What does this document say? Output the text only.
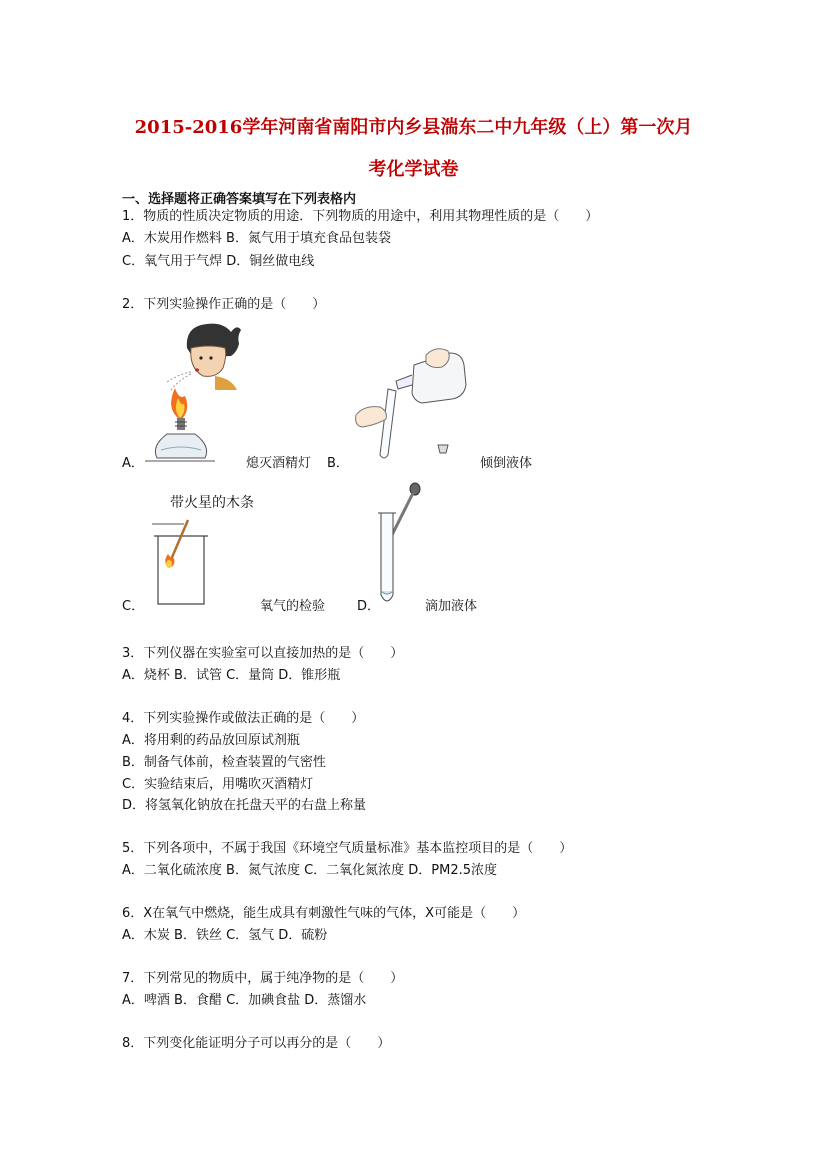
2015-2016学年河南省南阳市内乡县湍东二中九年级（上）第一次月
考化学试卷
一、选择题将正确答案填写在下列表格内
1．物质的性质决定物质的用途．下列物质的用途中，利用其物理性质的是（　　）
A．木炭用作燃料 B．氮气用于填充食品包装袋
C．氧气用于气焊 D．铜丝做电线
2．下列实验操作正确的是（　　）
A．	熄灭酒精灯 B．	倾倒液体
带火星的木条
C．	氧气的检验 D．	滴加液体
3．下列仪器在实验室可以直接加热的是（　　）
A．烧杯 B．试管 C．量筒 D．锥形瓶
4．下列实验操作或做法正确的是（　　）
A．将用剩的药品放回原试剂瓶
B．制备气体前，检查装置的气密性
C．实验结束后，用嘴吹灭酒精灯
D．将氢氧化钠放在托盘天平的右盘上称量
5．下列各项中，不属于我国《环境空气质量标准》基本监控项目的是（　　）
A．二氧化硫浓度 B．氮气浓度 C．二氧化氮浓度 D．PM2.5浓度
6．X在氧气中燃烧，能生成具有刺激性气味的气体，X可能是（　　）
A．木炭 B．铁丝 C．氢气 D．硫粉
7．下列常见的物质中，属于纯净物的是（　　）
A．啤酒 B．食醋 C．加碘食盐 D．蒸馏水
8．下列变化能证明分子可以再分的是（　　）
